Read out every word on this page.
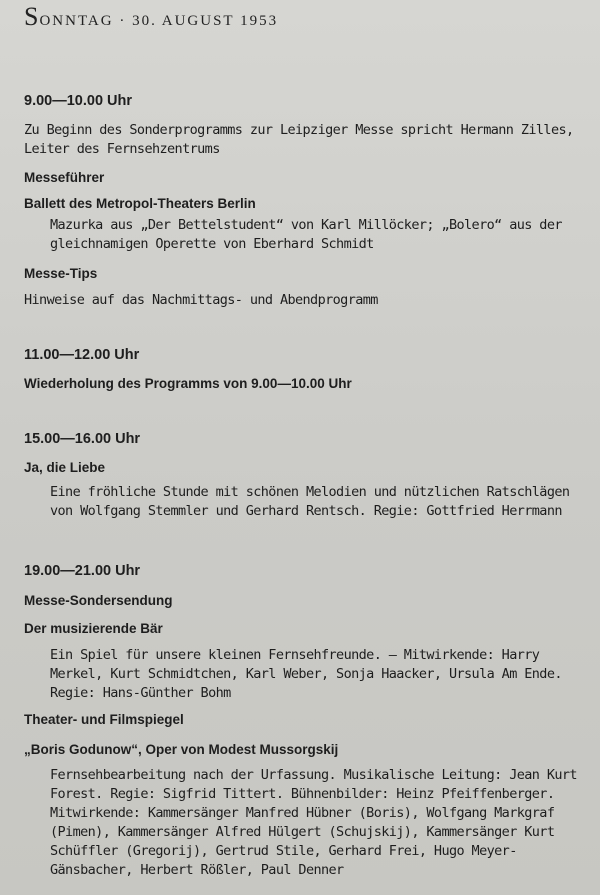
SONNTAG · 30. AUGUST 1953
9.00—10.00 Uhr
Zu Beginn des Sonderprogramms zur Leipziger Messe spricht Hermann Zilles, Leiter des Fernsehzentrums
Messeführer
Ballett des Metropol-Theaters Berlin
Mazurka aus „Der Bettelstudent“ von Karl Millöcker; „Bolero“ aus der gleichnamigen Operette von Eberhard Schmidt
Messe-Tips
Hinweise auf das Nachmittags- und Abendprogramm
11.00—12.00 Uhr
Wiederholung des Programms von 9.00—10.00 Uhr
15.00—16.00 Uhr
Ja, die Liebe
Eine fröhliche Stunde mit schönen Melodien und nützlichen Ratschlägen von Wolfgang Stemmler und Gerhard Rentsch. Regie: Gottfried Herrmann
19.00—21.00 Uhr
Messe-Sondersendung
Der musizierende Bär
Ein Spiel für unsere kleinen Fernsehfreunde. — Mitwirkende: Harry Merkel, Kurt Schmidtchen, Karl Weber, Sonja Haacker, Ursula Am Ende. Regie: Hans-Günther Bohm
Theater- und Filmspiegel
„Boris Godunow“, Oper von Modest Mussorgskij
Fernsehbearbeitung nach der Urfassung. Musikalische Leitung: Jean Kurt Forest. Regie: Sigfrid Tittert. Bühnenbilder: Heinz Pfeiffenberger. Mitwirkende: Kammersänger Manfred Hübner (Boris), Wolfgang Markgraf (Pimen), Kammersänger Alfred Hülgert (Schujskij), Kammersänger Kurt Schüffler (Gregorij), Gertrud Stile, Gerhard Frei, Hugo Meyer-Gänsbacher, Herbert Rößler, Paul Denner
